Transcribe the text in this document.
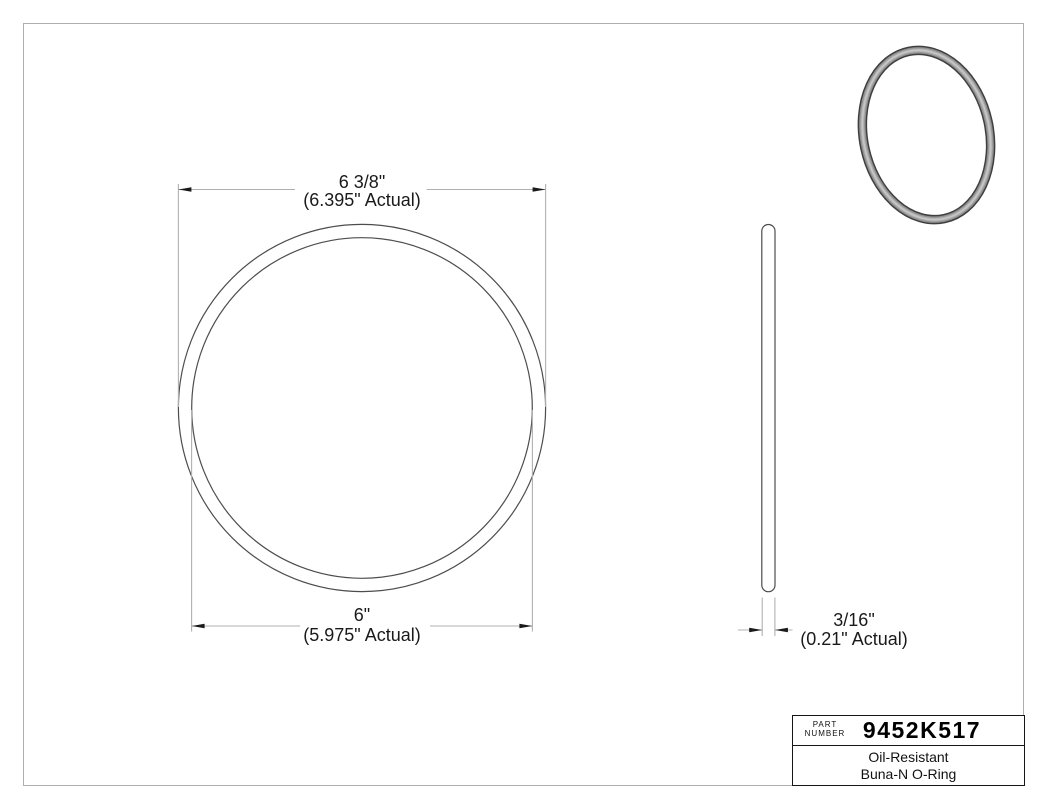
6 3/8"
(6.395" Actual)
6"
(5.975" Actual)
3/16"
(0.21" Actual)
PART
NUMBER 9452K517
Oil-Resistant
Buna-N O-Ring
